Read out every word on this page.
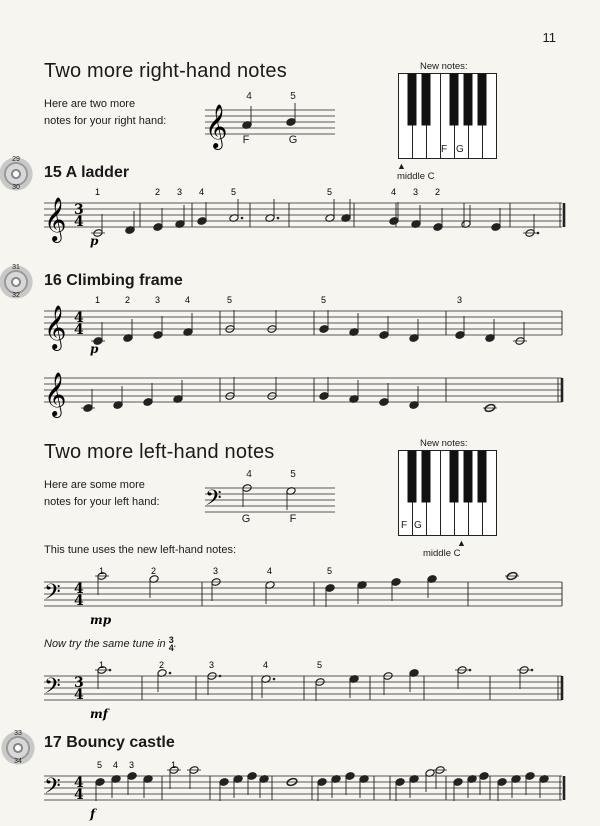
11
Two more right-hand notes
Here are two more
notes for your right hand: 𝄞
4	5
F	G
New notes:
F G
▲
middle C
29
30
15 A ladder
𝄞 3
4
1	2 3 4	5	5	4 3 2
p
31
32
16 Climbing frame
𝄞 4
4
1	2	3	4	5	5	3
p
𝄞
Two more left-hand notes
Here are some more
notes for your left hand: 𝄢
4	5
G	F
New notes:
F G
▲
middle C
This tune uses the new left-hand notes:
𝄢 4
4
1	2	3	4	5
mp
Now try the same tune in 3
4 .
𝄢 3
4
1	2	3	4	5
mf
33
34
17 Bouncy castle
𝄢 4
4
5 4 3	1
f
